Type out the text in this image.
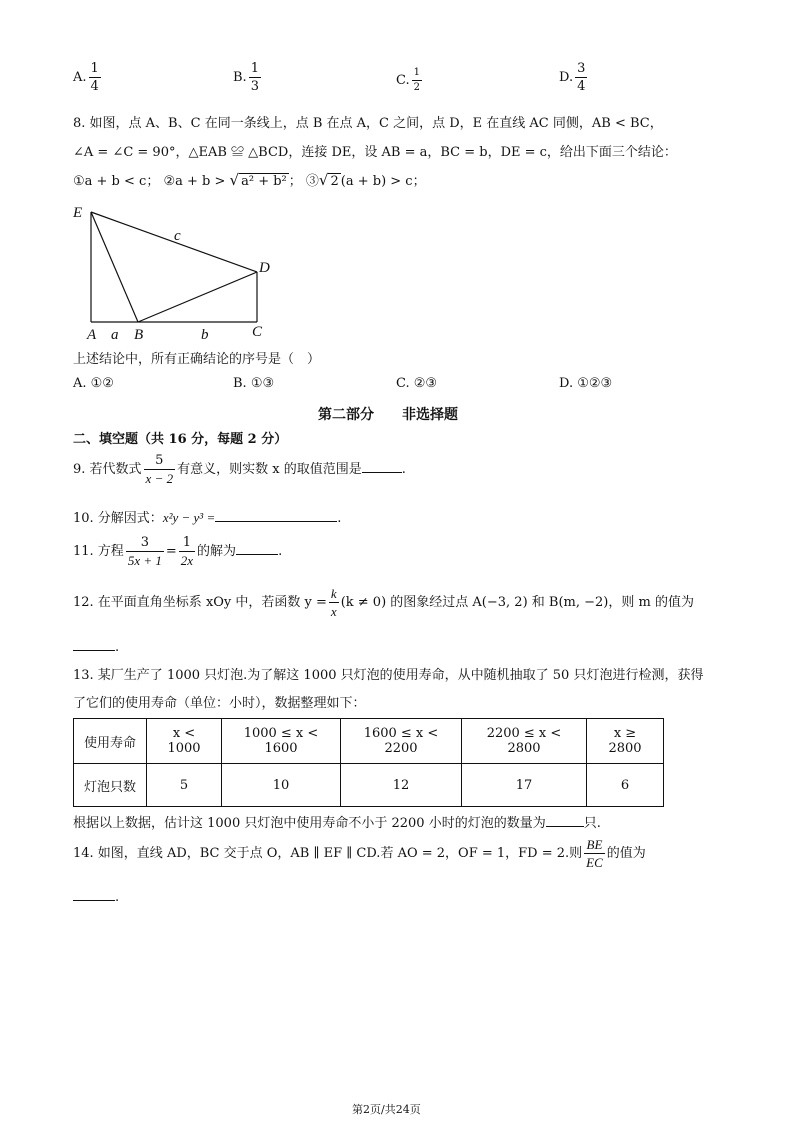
A. $\frac{1}{4}$	B. $\frac{1}{3}$	C. $\frac{1}{2}$	D. $\frac{3}{4}$
8. 如图，点 A、B、C 在同一条线上，点 B 在点 A，C 之间，点 D，E 在直线 AC 同侧，AB < BC，
∠A = ∠C = 90°，△EAB ≌ △BCD，连接 DE，设 AB = a，BC = b，DE = c，给出下面三个结论：
①a + b < c； ②a + b > √ a² + b² ； ③√ 2 (a + b) > c；
E
D
c
A a B	b	C
上述结论中，所有正确结论的序号是（　）
A. ①②	B. ①③	C. ②③	D. ①②③
第二部分　　非选择题
二、填空题（共 16 分，每题 2 分）
9. 若代数式 $\frac{5}{x - 2}$ 有意义，则实数 x 的取值范围是	.
10. 分解因式：x²y − y³ =	.
11. 方程 $\frac{3}{5x + 1} = \frac{1}{2x}$ 的解为	.
12. 在平面直角坐标系 xOy 中，若函数 $y = \frac{k}{x} (k \ne 0)$ 的图象经过点 A(−3, 2) 和 B(m, −2)，则 m 的值为
.
13. 某厂生产了 1000 只灯泡.为了解这 1000 只灯泡的使用寿命，从中随机抽取了 50 只灯泡进行检测，获得
了它们的使用寿命（单位：小时），数据整理如下：
使用寿命	x < 1000	1000 ≤ x < 1600	1600 ≤ x < 2200	2200 ≤ x < 2800	x ≥ 2800
灯泡只数	5	10	12	17	6
根据以上数据，估计这 1000 只灯泡中使用寿命不小于 2200 小时的灯泡的数量为	只.
14. 如图，直线 AD，BC 交于点 O，AB ∥ EF ∥ CD.若 AO = 2，OF = 1，FD = 2.则 $\frac{BE}{EC}$ 的值为
.
第2页/共24页
